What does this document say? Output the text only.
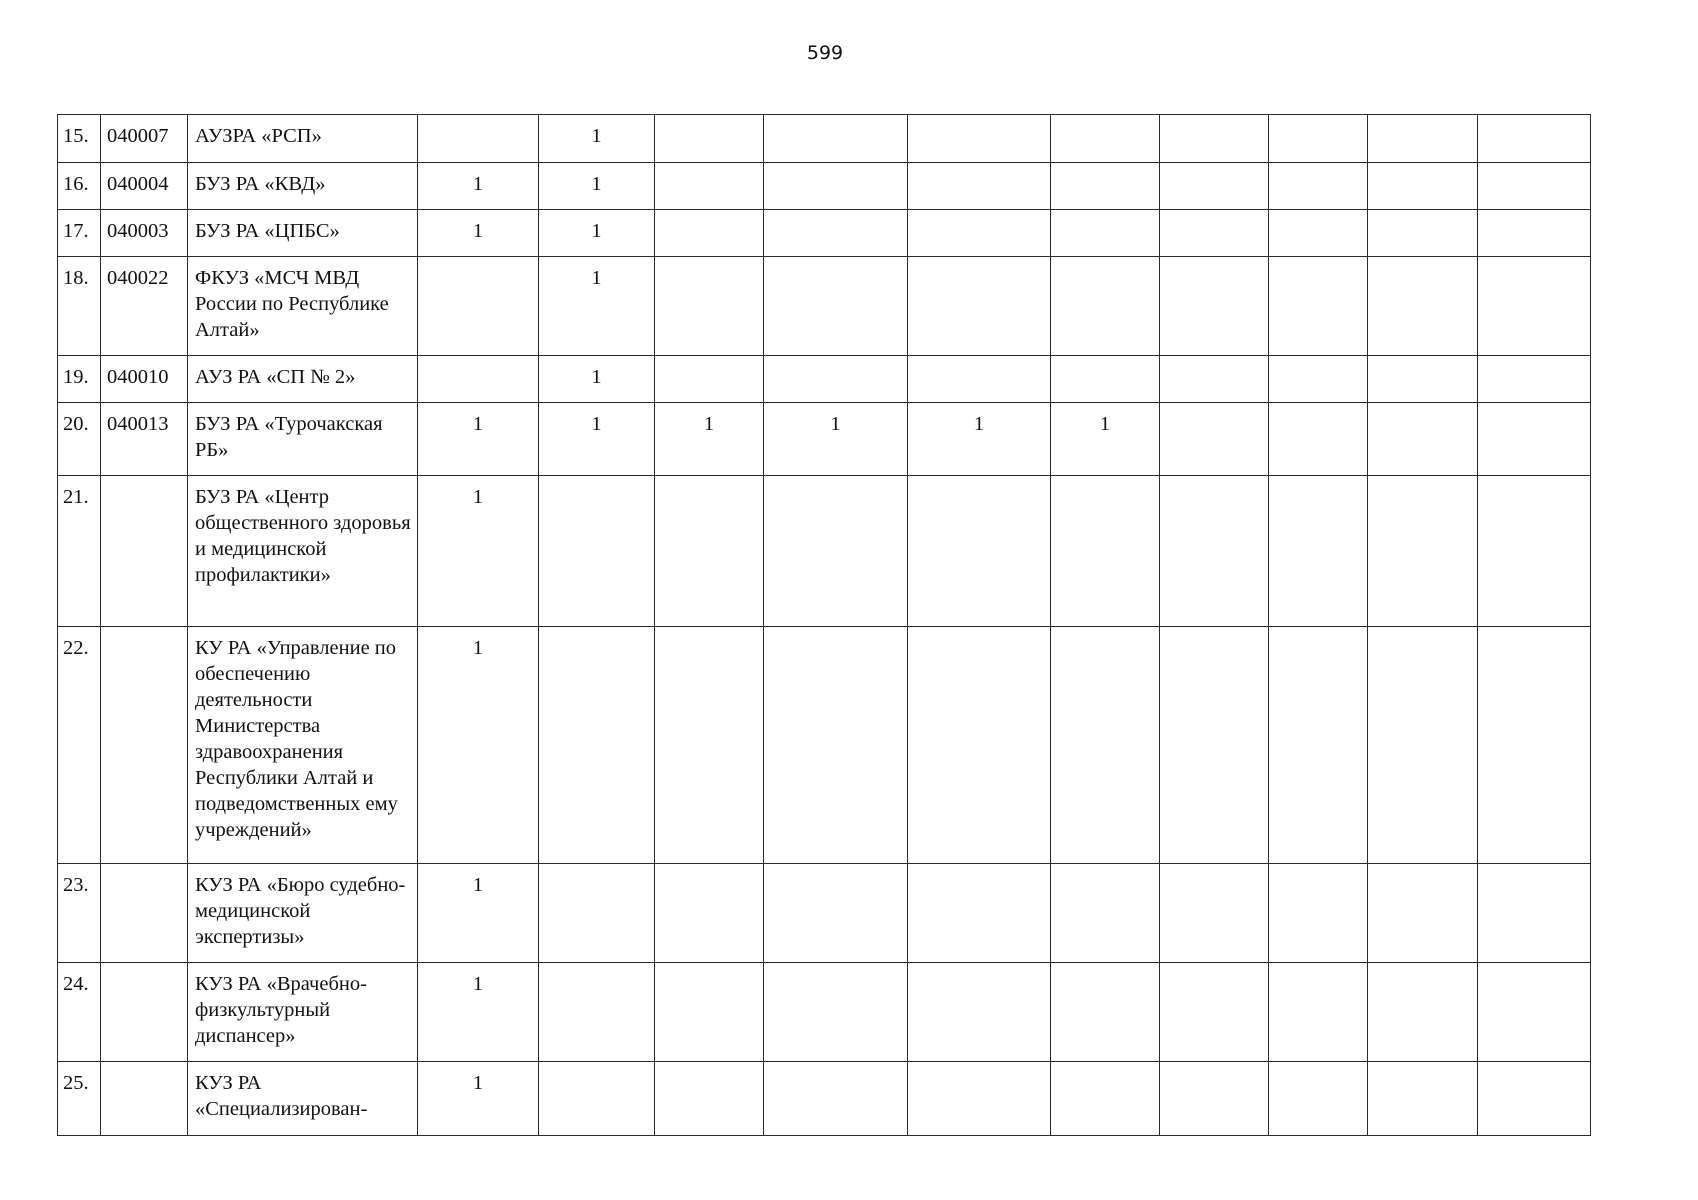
599
15.	040007	АУЗРА «РСП»		1								
16.	040004	БУЗ РА «КВД»	1	1								
17.	040003	БУЗ РА «ЦПБС»	1	1								
18.	040022	ФКУЗ «МСЧ МВД России по Республике Алтай»		1								
19.	040010	АУЗ РА «СП № 2»		1								
20.	040013	БУЗ РА «Турочакская РБ»	1	1	1	1	1	1				
21.		БУЗ РА «Центр общественного здоровья и медицинской профилактики»	1									
22.		КУ РА «Управление по обеспечению деятельности Министерства здравоохранения Республики Алтай и подведомственных ему учреждений»	1									
23.		КУЗ РА «Бюро судебно-медицинской экспертизы»	1									
24.		КУЗ РА «Врачебно-физкультурный диспансер»	1									
25.		КУЗ РА «Специализирован-	1									
